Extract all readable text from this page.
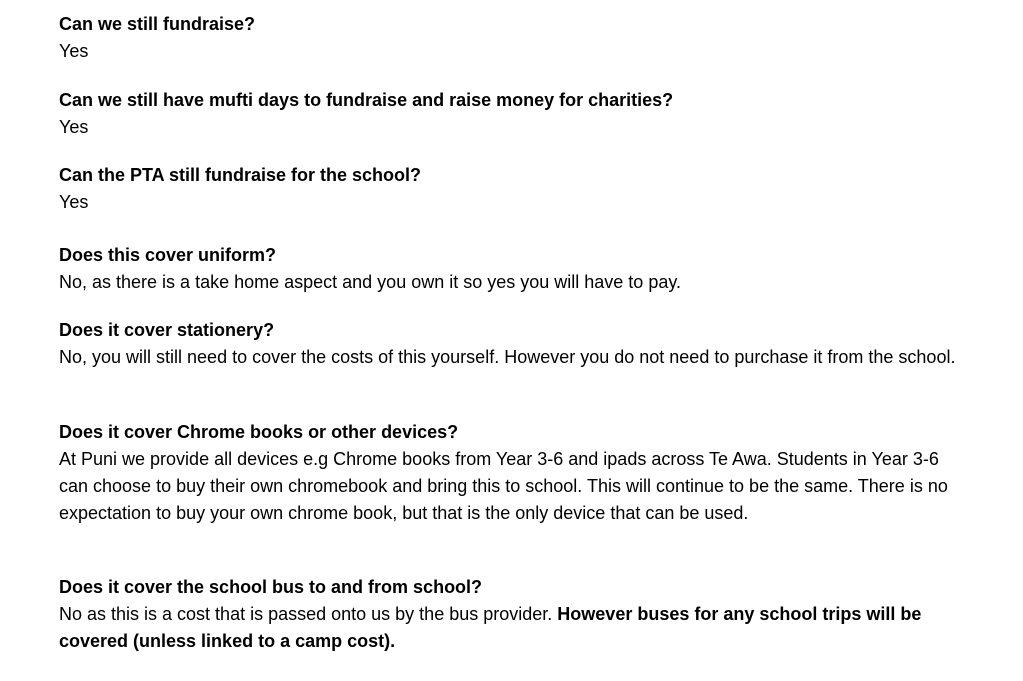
Can we still fundraise?
Yes
Can we still have mufti days to fundraise and raise money for charities?
Yes
Can the PTA still fundraise for the school?
Yes
Does this cover uniform?
No, as there is a take home aspect and you own it so yes you will have to pay.
Does it cover stationery?
No, you will still need to cover the costs of this yourself. However you do not need to purchase it from the school.
Does it cover Chrome books or other devices?
At Puni we provide all devices e.g Chrome books from Year 3-6 and ipads across Te Awa. Students in Year 3-6 can choose to buy their own chromebook and bring this to school. This will continue to be the same. There is no expectation to buy your own chrome book, but that is the only device that can be used.
Does it cover the school bus to and from school?
No as this is a cost that is passed onto us by the bus provider. However buses for any school trips will be covered (unless linked to a camp cost).
